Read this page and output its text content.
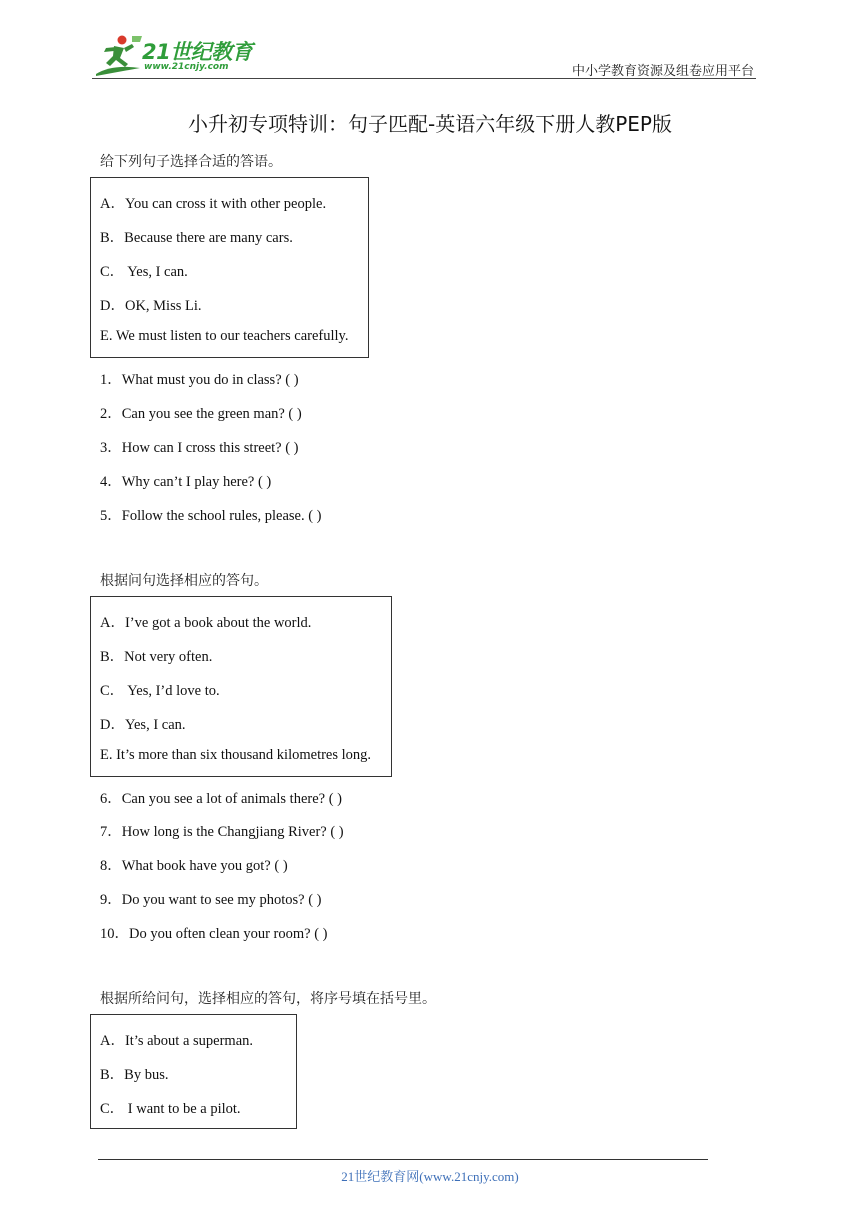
21世纪教育
www.21cnjy.com	中小学教育资源及组卷应用平台
小升初专项特训：句子匹配-英语六年级下册人教PEP版
给下列句子选择合适的答语。
A．You can cross it with other people.
B．Because there are many cars.
C． Yes, I can.
D．OK, Miss Li.
E. We must listen to our teachers carefully.
1．What must you do in class? ( )
2．Can you see the green man? ( )
3．How can I cross this street? ( )
4．Why can’t I play here? ( )
5．Follow the school rules, please. ( )
根据问句选择相应的答句。
A．I’ve got a book about the world.
B．Not very often.
C． Yes, I’d love to.
D．Yes, I can.
E. It’s more than six thousand kilometres long.
6．Can you see a lot of animals there? ( )
7．How long is the Changjiang River? ( )
8．What book have you got? ( )
9．Do you want to see my photos? ( )
10．Do you often clean your room? ( )
根据所给问句，选择相应的答句，将序号填在括号里。
A．It’s about a superman.
B．By bus.
C． I want to be a pilot.
21世纪教育网(www.21cnjy.com)
